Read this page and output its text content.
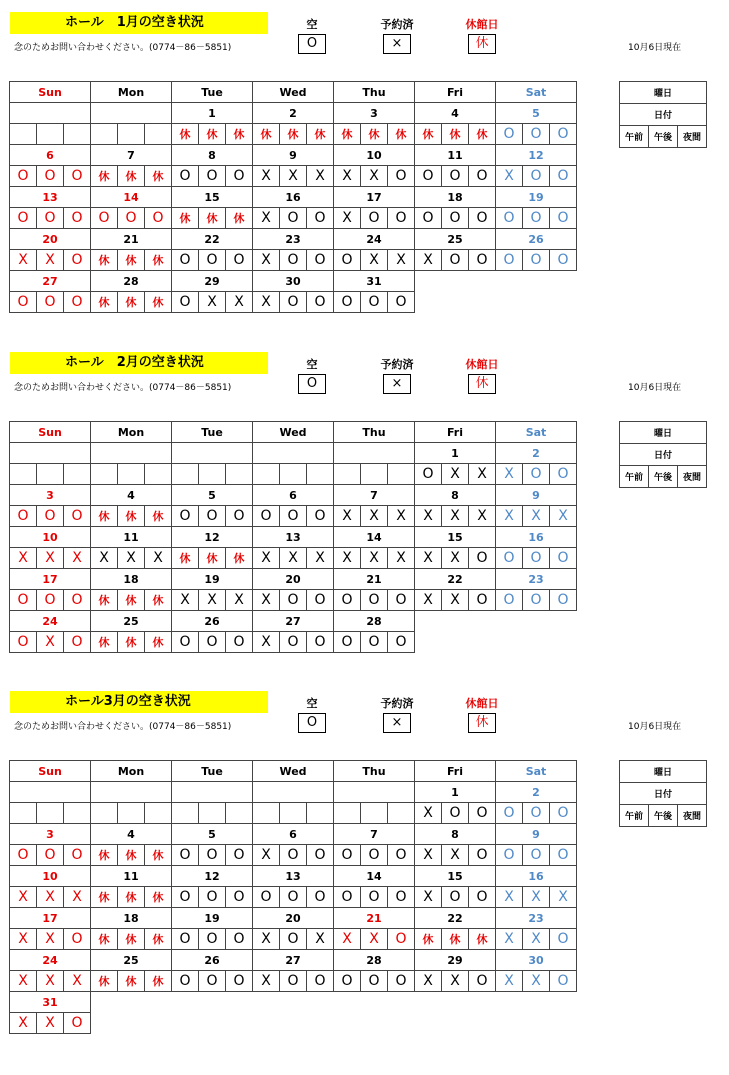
ホール　1月の空き状況
念のためお問い合わせください。(0774－86－5851)
空
O
予約済
×
休館日
休	10月6日現在
Sun			Mon			Tue			Wed			Thu			Fri			Sat		
						1			2			3			4			5		
						休	休	休	休	休	休	休	休	休	休	休	休	O	O	O
6			7			8			9			10			11			12		
O	O	O	休	休	休	O	O	O	X	X	X	X	X	O	O	O	O	X	O	O
13			14			15			16			17			18			19		
O	O	O	O	O	O	休	休	休	X	O	O	X	O	O	O	O	O	O	O	O
20			21			22			23			24			25			26		
X	X	O	休	休	休	O	O	O	X	O	O	O	X	X	X	O	O	O	O	O
27			28			29			30			31								
O	O	O	休	休	休	O	X	X	X	O	O	O	O	O						
曜日
日付
午前	午後	夜間
ホール　2月の空き状況
念のためお問い合わせください。(0774－86－5851)
空
O
予約済
×
休館日
休	10月6日現在
Sun			Mon			Tue			Wed			Thu			Fri			Sat		
															1			2		
															O	X	X	X	O	O
3			4			5			6			7			8			9		
O	O	O	休	休	休	O	O	O	O	O	O	X	X	X	X	X	X	X	X	X
10			11			12			13			14			15			16		
X	X	X	X	X	X	休	休	休	X	X	X	X	X	X	X	X	O	O	O	O
17			18			19			20			21			22			23		
O	O	O	休	休	休	X	X	X	X	O	O	O	O	O	X	X	O	O	O	O
24			25			26			27			28								
O	X	O	休	休	休	O	O	O	X	O	O	O	O	O						
曜日
日付
午前	午後	夜間
ホール3月の空き状況
念のためお問い合わせください。(0774－86－5851)
空
O
予約済
×
休館日
休	10月6日現在
Sun			Mon			Tue			Wed			Thu			Fri			Sat		
															1			2		
															X	O	O	O	O	O
3			4			5			6			7			8			9		
O	O	O	休	休	休	O	O	O	X	O	O	O	O	O	X	X	O	O	O	O
10			11			12			13			14			15			16		
X	X	X	休	休	休	O	O	O	O	O	O	O	O	O	X	O	O	X	X	X
17			18			19			20			21			22			23		
X	X	O	休	休	休	O	O	O	X	O	X	X	X	O	休	休	休	X	X	O
24			25			26			27			28			29			30		
X	X	X	休	休	休	O	O	O	X	O	O	O	O	O	X	X	O	X	X	O
31																				
X	X	O																		
曜日
日付
午前	午後	夜間
